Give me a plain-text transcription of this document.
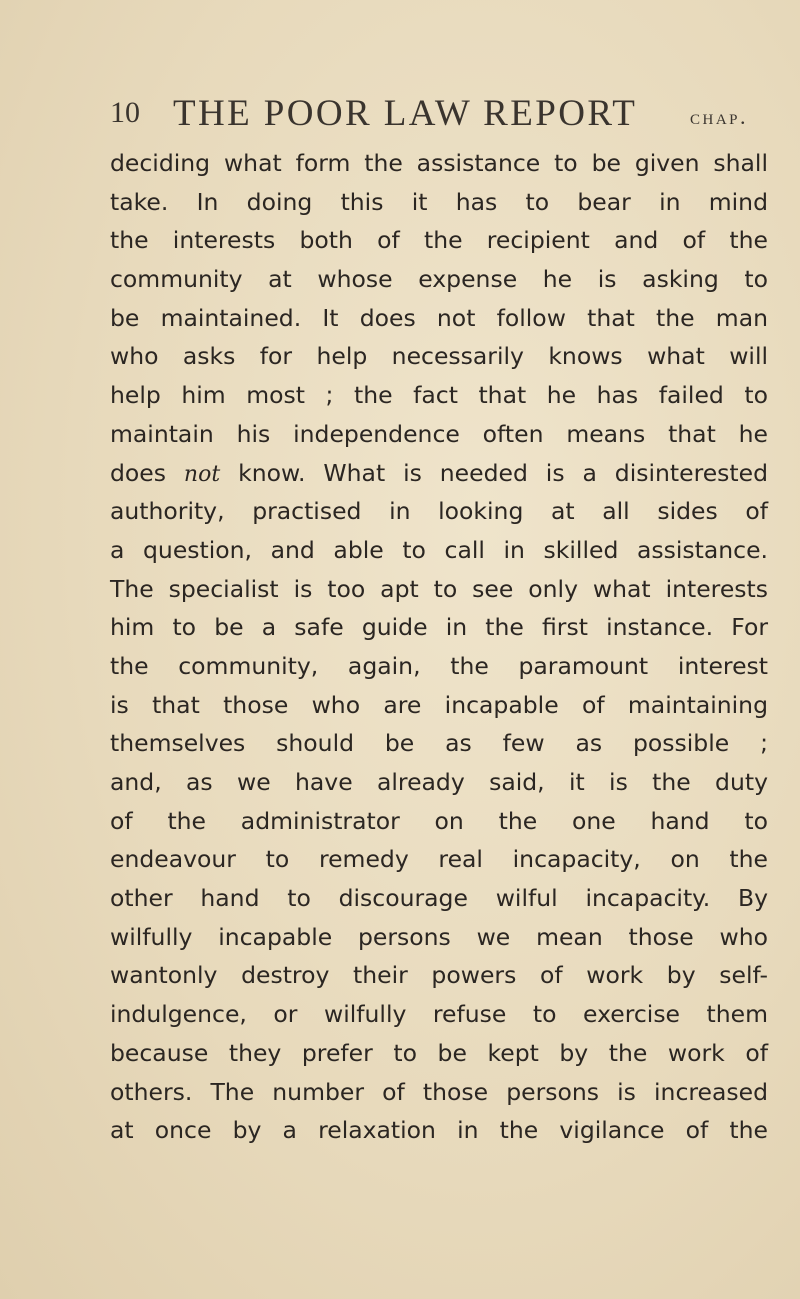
10 THE POOR LAW REPORT chap.
deciding what form the assistance to be given shall
take. In doing this it has to bear in mind
the interests both of the recipient and of the
community at whose expense he is asking to
be maintained. It does not follow that the man
who asks for help necessarily knows what will
help him most ; the fact that he has failed to
maintain his independence often means that he
does not know. What is needed is a disinterested
authority, practised in looking at all sides of
a question, and able to call in skilled assistance.
The specialist is too apt to see only what interests
him to be a safe guide in the first instance. For
the community, again, the paramount interest
is that those who are incapable of maintaining
themselves should be as few as possible ;
and, as we have already said, it is the duty
of the administrator on the one hand to
endeavour to remedy real incapacity, on the
other hand to discourage wilful incapacity. By
wilfully incapable persons we mean those who
wantonly destroy their powers of work by self-
indulgence, or wilfully refuse to exercise them
because they prefer to be kept by the work of
others. The number of those persons is increased
at once by a relaxation in the vigilance of the
